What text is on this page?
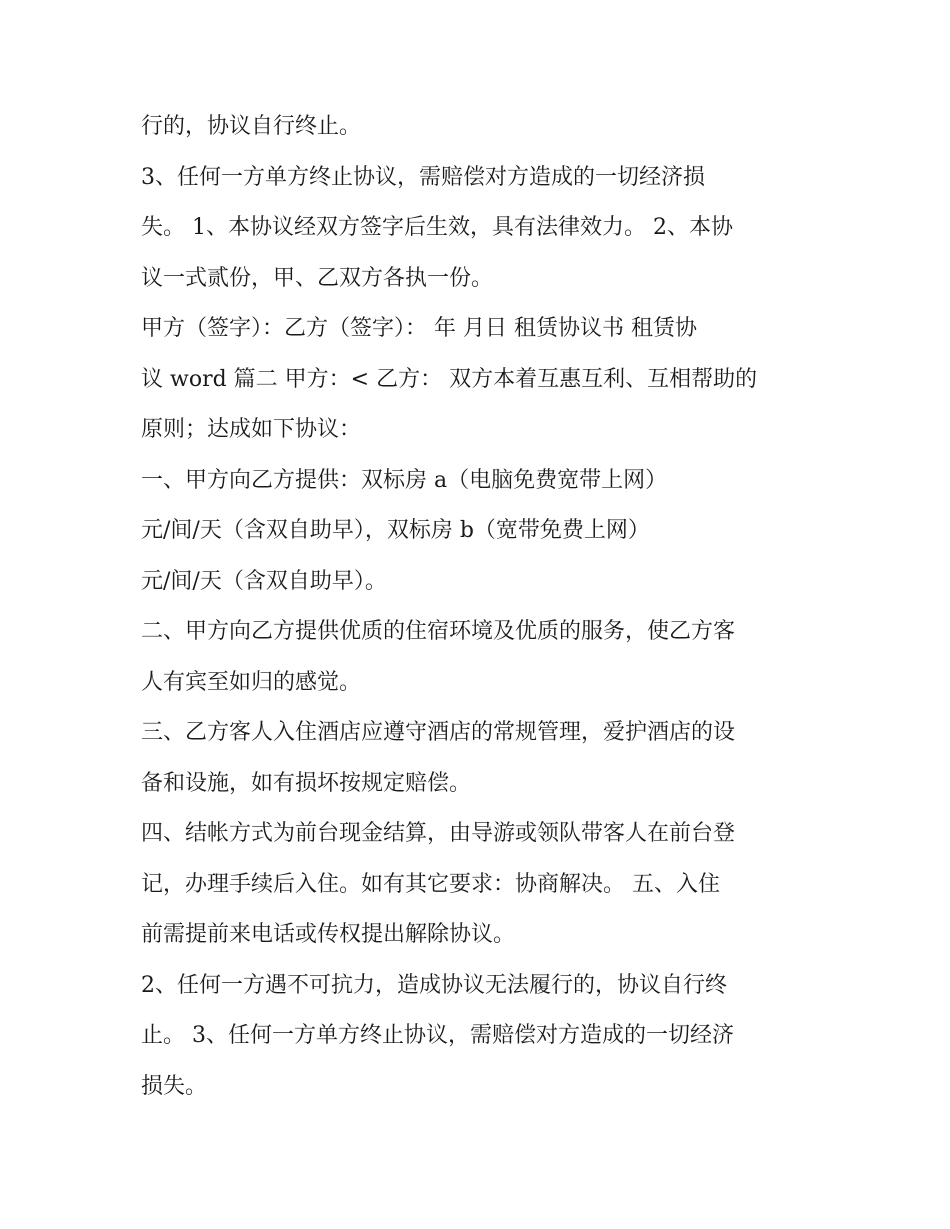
行的，协议自行终止。
3、任何一方单方终止协议，需赔偿对方造成的一切经济损
失。 1、本协议经双方签字后生效，具有法律效力。 2、本协
议一式贰份，甲、乙双方各执一份。
甲方（签字）：乙方（签字）： 年 月日 租赁协议书 租赁协
议 word 篇二 甲方：< 乙方： 双方本着互惠互利、互相帮助的
原则；达成如下协议：
一、甲方向乙方提供：双标房 a（电脑免费宽带上网）
元/间/天（含双自助早），双标房 b（宽带免费上网）
元/间/天（含双自助早）。
二、甲方向乙方提供优质的住宿环境及优质的服务，使乙方客
人有宾至如归的感觉。
三、乙方客人入住酒店应遵守酒店的常规管理，爱护酒店的设
备和设施，如有损坏按规定赔偿。
四、结帐方式为前台现金结算，由导游或领队带客人在前台登
记，办理手续后入住。如有其它要求：协商解决。 五、入住
前需提前来电话或传权提出解除协议。
2、任何一方遇不可抗力，造成协议无法履行的，协议自行终
止。 3、任何一方单方终止协议，需赔偿对方造成的一切经济
损失。
